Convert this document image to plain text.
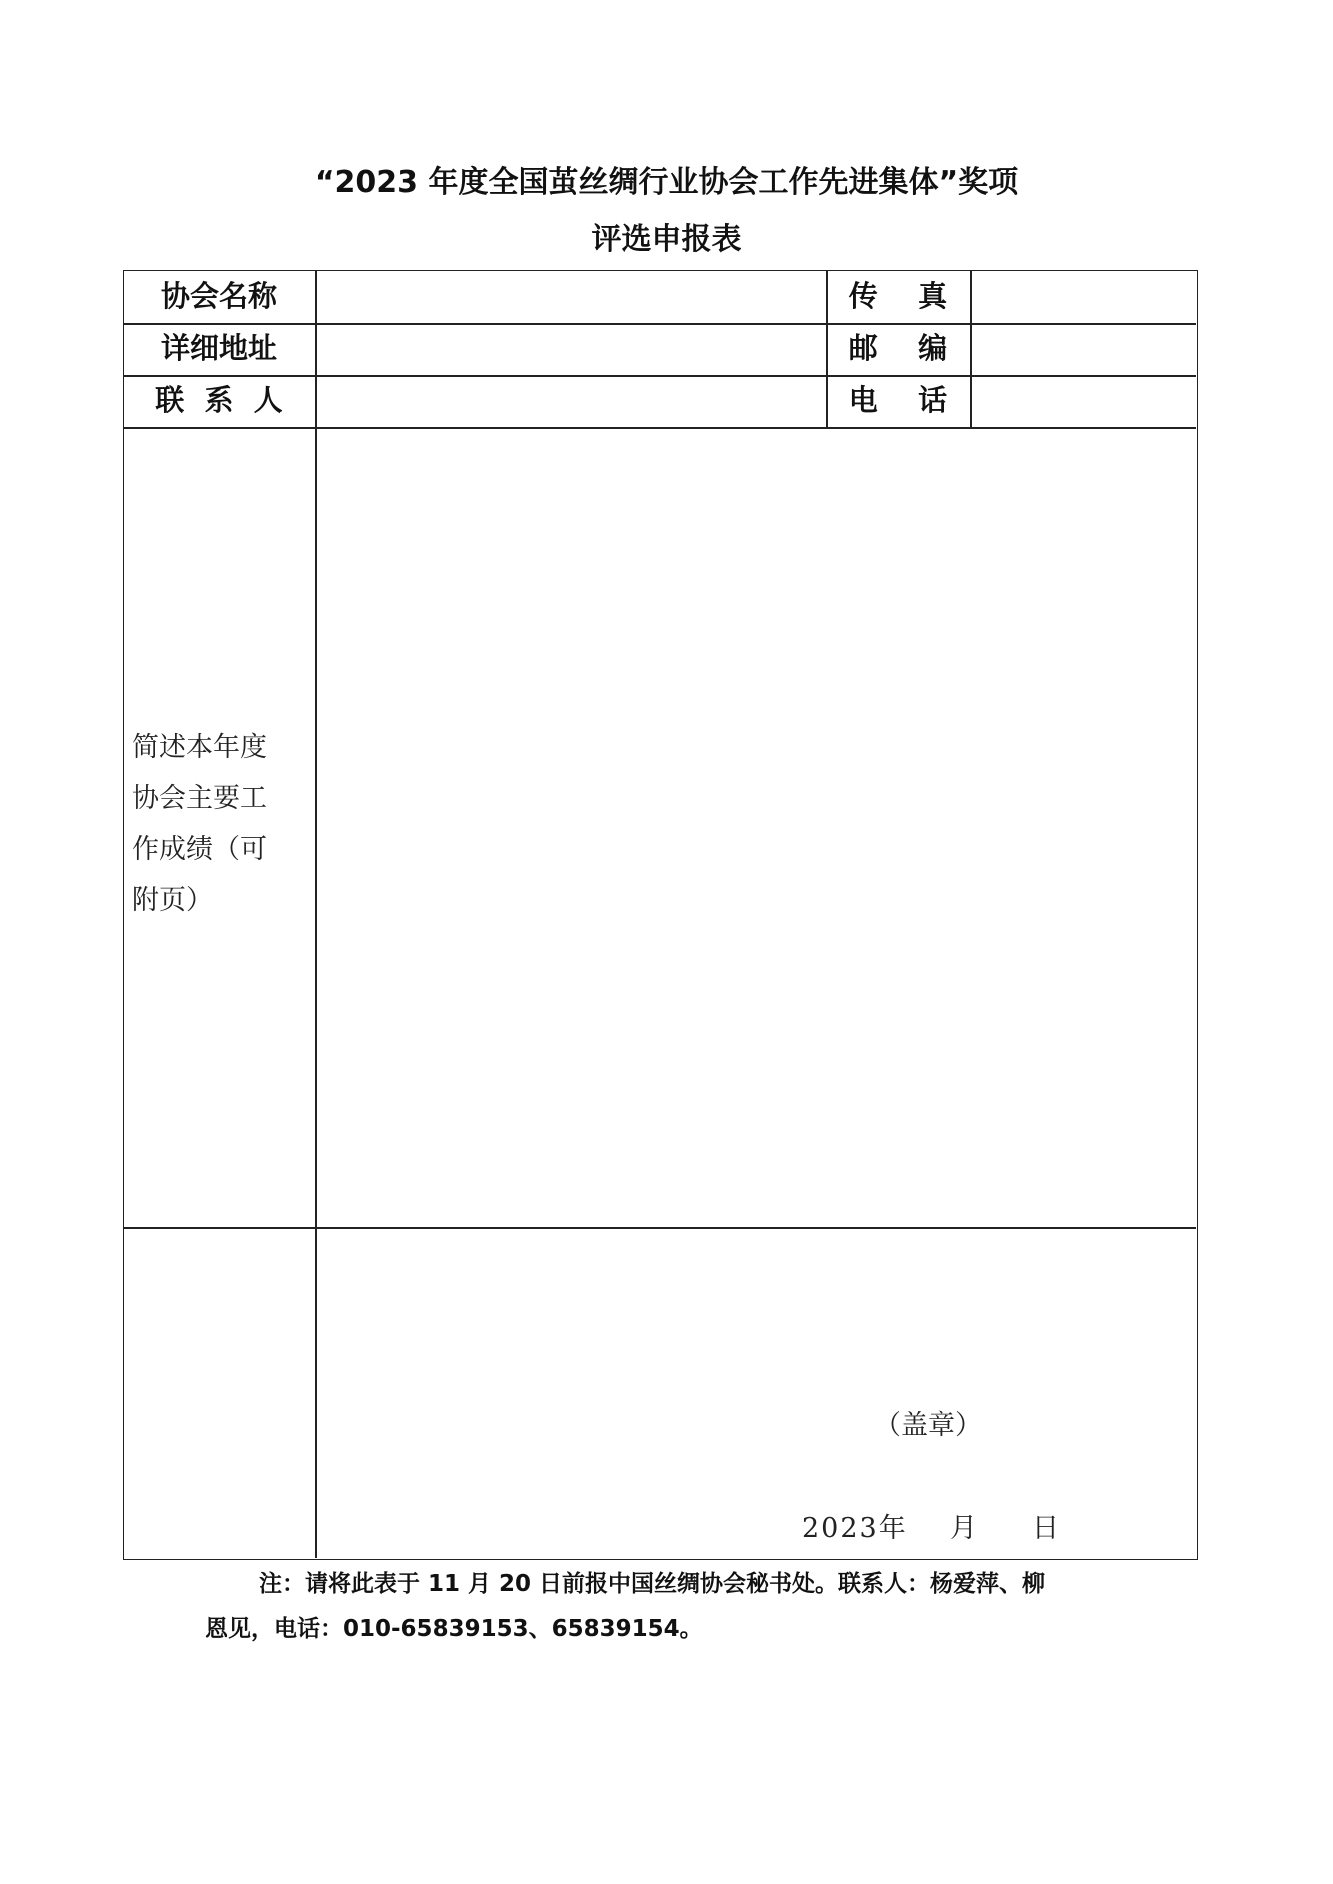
“2023 年度全国茧丝绸行业协会工作先进集体”奖项
评选申报表
协会名称	传    真
详细地址	邮    编
联  系  人	电    话
简述本年度
协会主要工
作成绩（可
附页）
（盖章）
2023年    月     日
注：请将此表于 11 月 20 日前报中国丝绸协会秘书处。联系人：杨爱萍、柳
恩见，电话：010-65839153、65839154。
